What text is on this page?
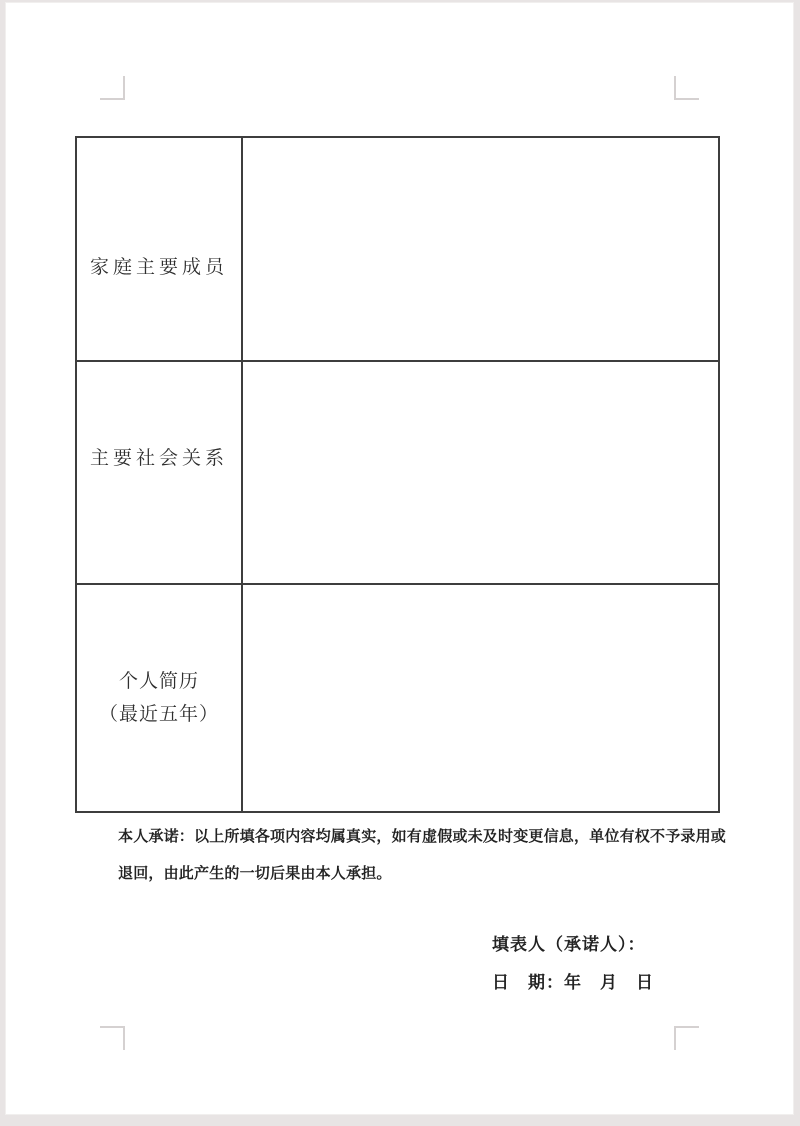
家庭主要成员
主要社会关系
个人简历
（最近五年）
本人承诺：以上所填各项内容均属真实，如有虚假或未及时变更信息，单位有权不予录用或
退回，由此产生的一切后果由本人承担。
填表人（承诺人）：
日　期：年　月　日
